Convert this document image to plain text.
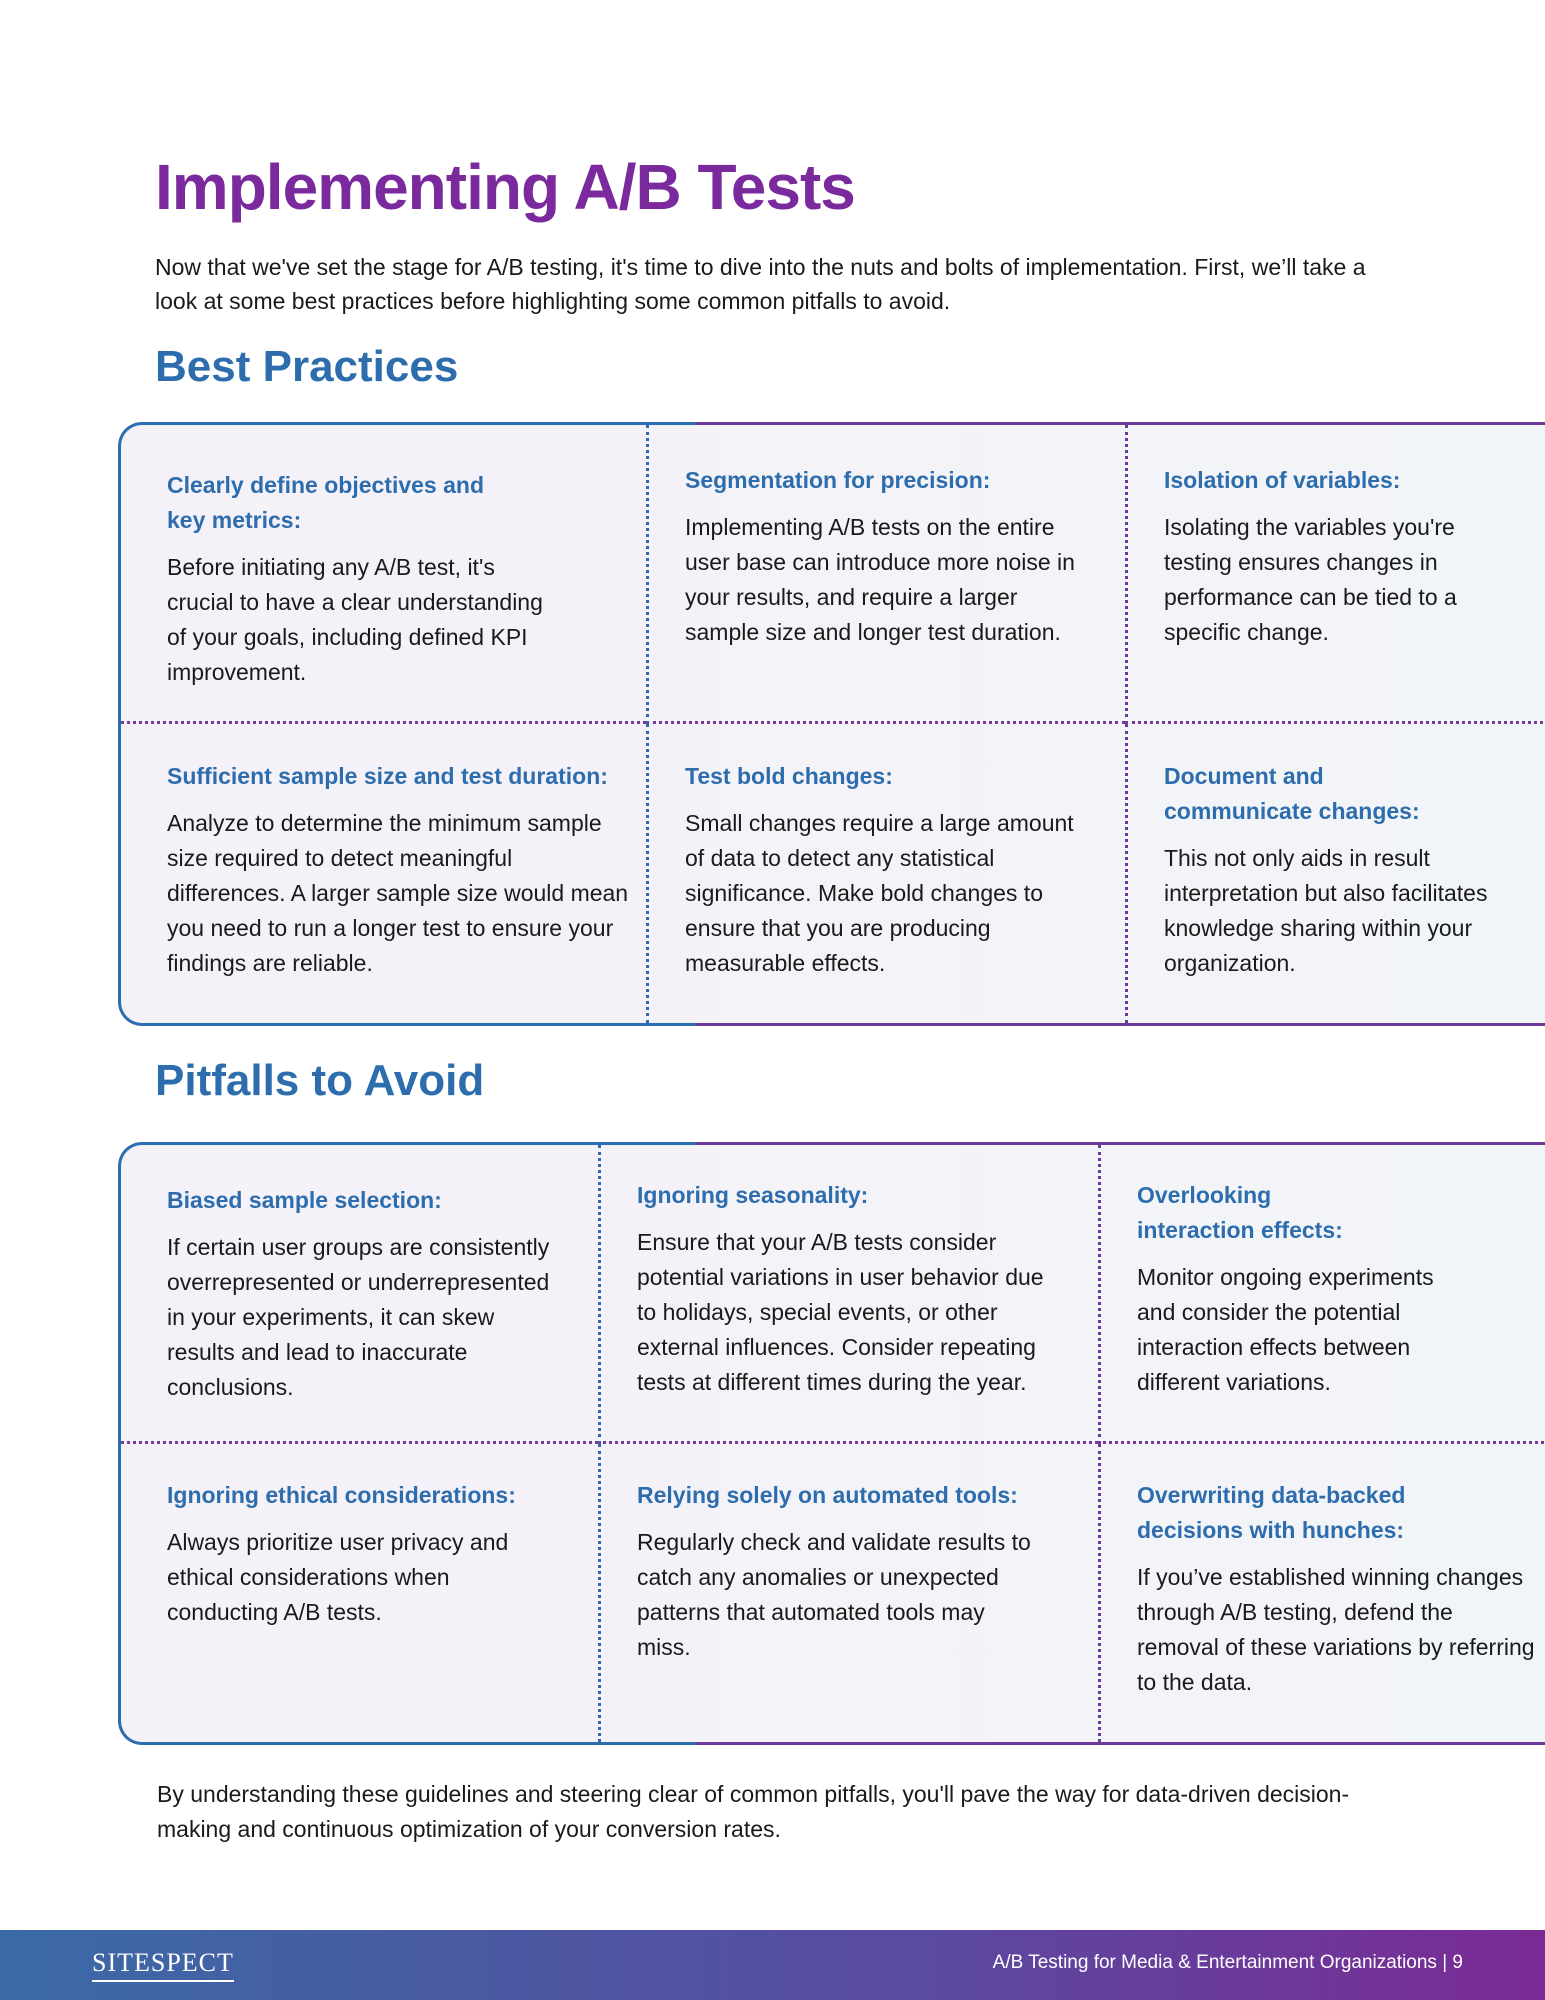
Implementing A/B Tests

Now that we've set the stage for A/B testing, it's time to dive into the nuts and bolts of implementation. First, we’ll take a look at some best practices before highlighting some common pitfalls to avoid.

Best Practices

Clearly define objectives and key metrics:

Before initiating any A/B test, it's crucial to have a clear understanding of your goals, including defined KPI improvement.

Segmentation for precision:

Implementing A/B tests on the entire user base can introduce more noise in your results, and require a larger sample size and longer test duration.

Isolation of variables:

Isolating the variables you're testing ensures changes in performance can be tied to a specific change.

Sufficient sample size and test duration:

Analyze to determine the minimum sample size required to detect meaningful differences. A larger sample size would mean you need to run a longer test to ensure your findings are reliable.

Test bold changes:

Small changes require a large amount of data to detect any statistical significance. Make bold changes to ensure that you are producing measurable effects.

Document and communicate changes:

This not only aids in result interpretation but also facilitates knowledge sharing within your organization.

Pitfalls to Avoid

Biased sample selection:

If certain user groups are consistently overrepresented or underrepresented in your experiments, it can skew results and lead to inaccurate conclusions.

Ignoring seasonality:

Ensure that your A/B tests consider potential variations in user behavior due to holidays, special events, or other external influences. Consider repeating tests at different times during the year.

Overlooking interaction effects:

Monitor ongoing experiments and consider the potential interaction effects between different variations.

Ignoring ethical considerations:

Always prioritize user privacy and ethical considerations when conducting A/B tests.

Relying solely on automated tools:

Regularly check and validate results to catch any anomalies or unexpected patterns that automated tools may miss.

Overwriting data-backed decisions with hunches:

If you’ve established winning changes through A/B testing, defend the removal of these variations by referring to the data.

By understanding these guidelines and steering clear of common pitfalls, you'll pave the way for data-driven decision-making and continuous optimization of your conversion rates.

SITESPECT	A/B Testing for Media & Entertainment Organizations | 9
